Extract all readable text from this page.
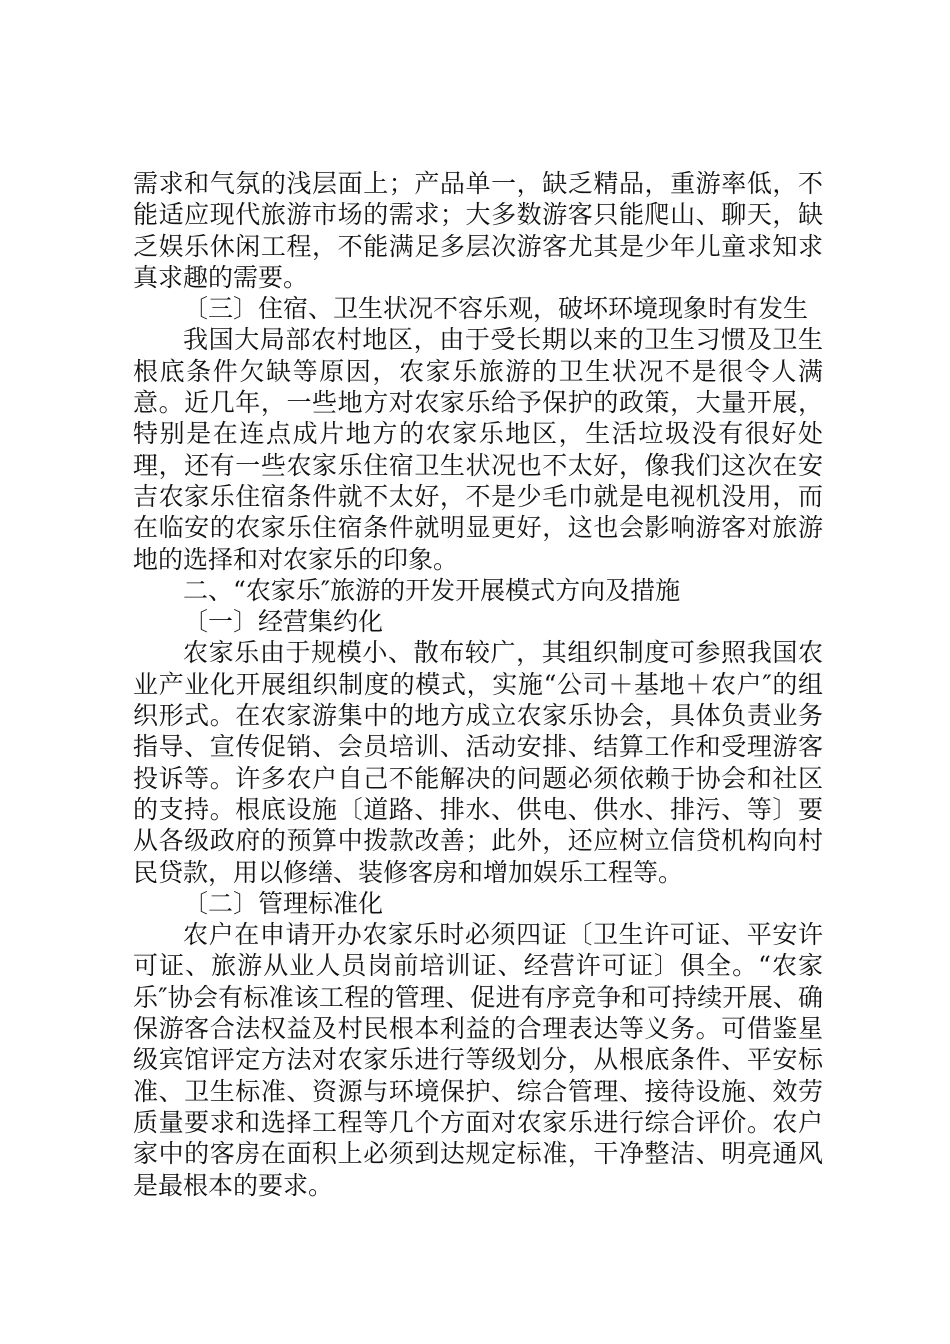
需求和气氛的浅层面上；产品单一，缺乏精品，重游率低，不能适应现代旅游市场的需求；大多数游客只能爬山、聊天，缺乏娱乐休闲工程，不能满足多层次游客尤其是少年儿童求知求真求趣的需要。

〔三〕住宿、卫生状况不容乐观，破坏环境现象时有发生

我国大局部农村地区，由于受长期以来的卫生习惯及卫生根底条件欠缺等原因，农家乐旅游的卫生状况不是很令人满意。近几年，一些地方对农家乐给予保护的政策，大量开展，特别是在连点成片地方的农家乐地区，生活垃圾没有很好处理，还有一些农家乐住宿卫生状况也不太好，像我们这次在安吉农家乐住宿条件就不太好，不是少毛巾就是电视机没用，而在临安的农家乐住宿条件就明显更好，这也会影响游客对旅游地的选择和对农家乐的印象。

二、“农家乐″旅游的开发开展模式方向及措施

〔一〕经营集约化

农家乐由于规模小、散布较广，其组织制度可参照我国农业产业化开展组织制度的模式，实施“公司＋基地＋农户″的组织形式。在农家游集中的地方成立农家乐协会，具体负责业务指导、宣传促销、会员培训、活动安排、结算工作和受理游客投诉等。许多农户自己不能解决的问题必须依赖于协会和社区的支持。根底设施〔道路、排水、供电、供水、排污、等〕要从各级政府的预算中拨款改善；此外，还应树立信贷机构向村民贷款，用以修缮、装修客房和增加娱乐工程等。

〔二〕管理标准化

农户在申请开办农家乐时必须四证〔卫生许可证、平安许可证、旅游从业人员岗前培训证、经营许可证〕俱全。“农家乐″协会有标准该工程的管理、促进有序竞争和可持续开展、确保游客合法权益及村民根本利益的合理表达等义务。可借鉴星级宾馆评定方法对农家乐进行等级划分，从根底条件、平安标准、卫生标准、资源与环境保护、综合管理、接待设施、效劳质量要求和选择工程等几个方面对农家乐进行综合评价。农户家中的客房在面积上必须到达规定标准，干净整洁、明亮通风是最根本的要求。
